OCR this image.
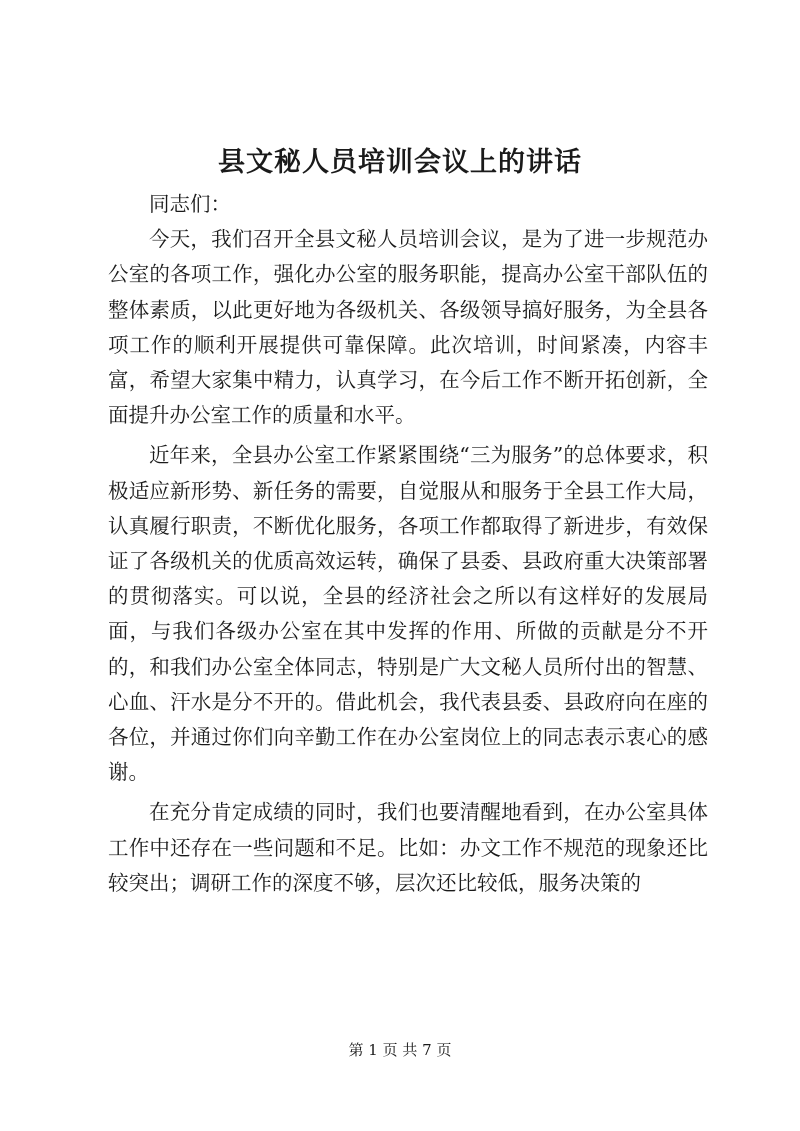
县文秘人员培训会议上的讲话

同志们：

今天，我们召开全县文秘人员培训会议，是为了进一步规范办公室的各项工作，强化办公室的服务职能，提高办公室干部队伍的整体素质，以此更好地为各级机关、各级领导搞好服务，为全县各项工作的顺利开展提供可靠保障。此次培训，时间紧凑，内容丰富，希望大家集中精力，认真学习，在今后工作不断开拓创新，全面提升办公室工作的质量和水平。

近年来，全县办公室工作紧紧围绕“三为服务”的总体要求，积极适应新形势、新任务的需要，自觉服从和服务于全县工作大局，认真履行职责，不断优化服务，各项工作都取得了新进步，有效保证了各级机关的优质高效运转，确保了县委、县政府重大决策部署的贯彻落实。可以说，全县的经济社会之所以有这样好的发展局面，与我们各级办公室在其中发挥的作用、所做的贡献是分不开的，和我们办公室全体同志，特别是广大文秘人员所付出的智慧、心血、汗水是分不开的。借此机会，我代表县委、县政府向在座的各位，并通过你们向辛勤工作在办公室岗位上的同志表示衷心的感谢。

在充分肯定成绩的同时，我们也要清醒地看到，在办公室具体工作中还存在一些问题和不足。比如：办文工作不规范的现象还比较突出；调研工作的深度不够，层次还比较低，服务决策的

第 1 页 共 7 页
